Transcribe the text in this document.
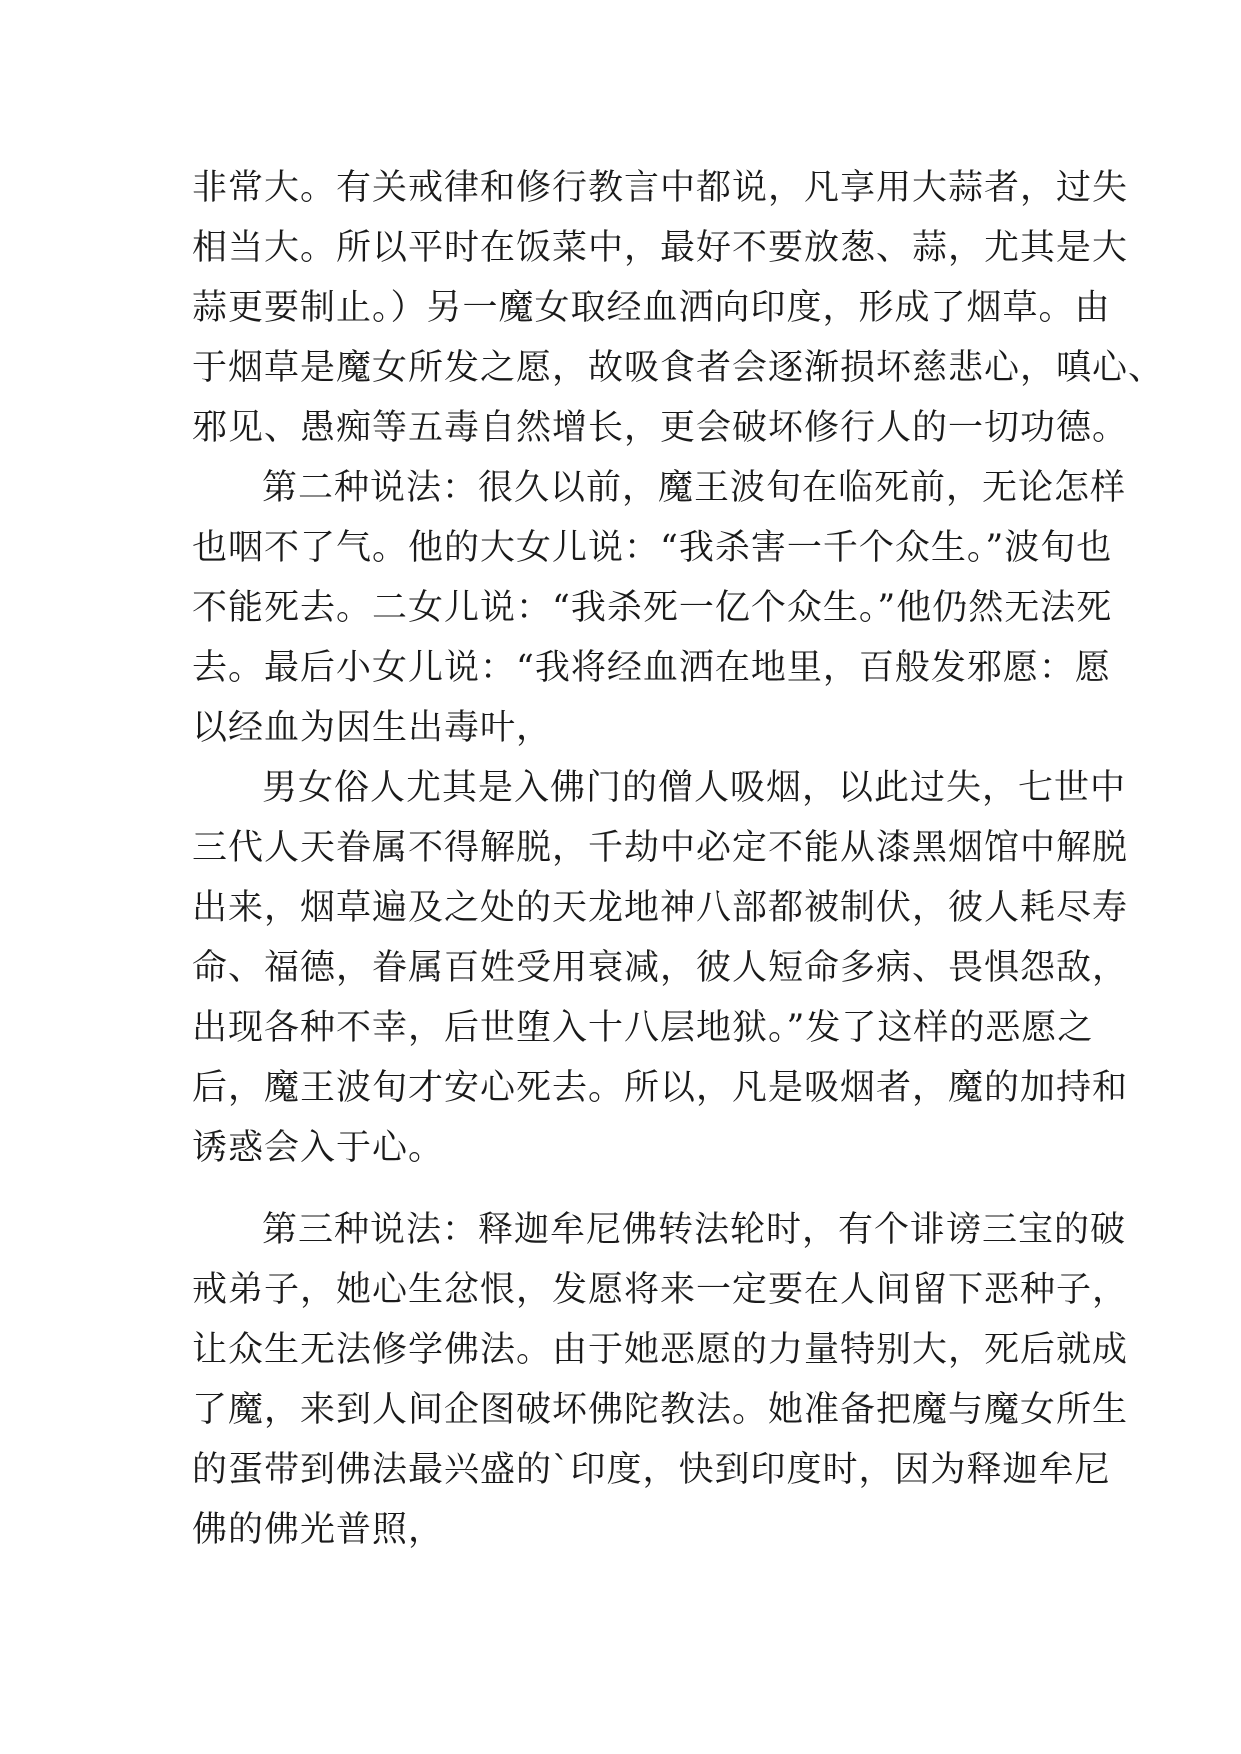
非常大。有关戒律和修行教言中都说，凡享用大蒜者，过失
相当大。所以平时在饭菜中，最好不要放葱、蒜，尤其是大
蒜更要制止。）另一魔女取经血洒向印度，形成了烟草。由
于烟草是魔女所发之愿，故吸食者会逐渐损坏慈悲心，嗔心、
邪见、愚痴等五毒自然增长，更会破坏修行人的一切功德。
第二种说法：很久以前，魔王波旬在临死前，无论怎样
也咽不了气。他的大女儿说：“我杀害一千个众生。”波旬也
不能死去。二女儿说：“我杀死一亿个众生。”他仍然无法死
去。最后小女儿说：“我将经血洒在地里，百般发邪愿：愿
以经血为因生出毒叶，
男女俗人尤其是入佛门的僧人吸烟，以此过失，七世中
三代人天眷属不得解脱，千劫中必定不能从漆黑烟馆中解脱
出来，烟草遍及之处的天龙地神八部都被制伏，彼人耗尽寿
命、福德，眷属百姓受用衰减，彼人短命多病、畏惧怨敌，
出现各种不幸，后世堕入十八层地狱。”发了这样的恶愿之
后，魔王波旬才安心死去。所以，凡是吸烟者，魔的加持和
诱惑会入于心。
第三种说法：释迦牟尼佛转法轮时，有个诽谤三宝的破
戒弟子，她心生忿恨，发愿将来一定要在人间留下恶种子，
让众生无法修学佛法。由于她恶愿的力量特别大，死后就成
了魔，来到人间企图破坏佛陀教法。她准备把魔与魔女所生
的蛋带到佛法最兴盛的`印度，快到印度时，因为释迦牟尼
佛的佛光普照，
